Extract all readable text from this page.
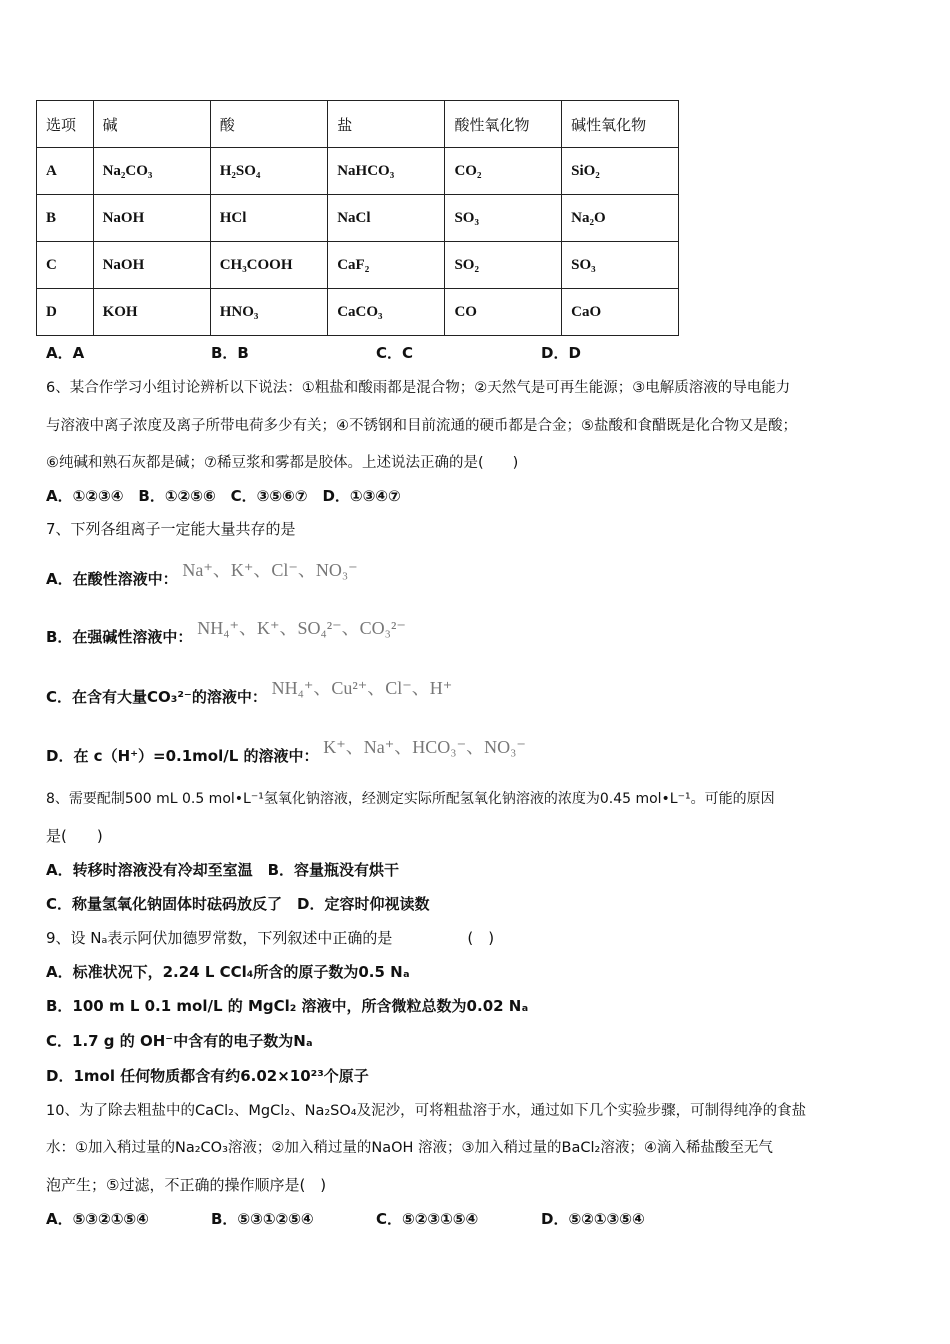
选项	碱	酸	盐	酸性氧化物	碱性氧化物
A	Na₂CO₃	H₂SO₄	NaHCO₃	CO₂	SiO₂
B	NaOH	HCl	NaCl	SO₃	Na₂O
C	NaOH	CH₃COOH	CaF₂	SO₂	SO₃
D	KOH	HNO₃	CaCO₃	CO	CaO
A．A	B．B	C．C	D．D
6、某合作学习小组讨论辨析以下说法：①粗盐和酸雨都是混合物；②天然气是可再生能源；③电解质溶液的导电能力
与溶液中离子浓度及离子所带电荷多少有关；④不锈钢和目前流通的硬币都是合金；⑤盐酸和食醋既是化合物又是酸；
⑥纯碱和熟石灰都是碱；⑦稀豆浆和雾都是胶体。上述说法正确的是(　　)
A．①②③④　B．①②⑤⑥　C．③⑤⑥⑦　D．①③④⑦
7、下列各组离子一定能大量共存的是
A．在酸性溶液中： Na⁺、K⁺、Cl⁻、NO₃⁻
B．在强碱性溶液中： NH₄⁺、K⁺、SO₄²⁻、CO₃²⁻
C．在含有大量CO₃²⁻的溶液中： NH₄⁺、Cu²⁺、Cl⁻、H⁺
D．在 c（H⁺）=0.1mol/L 的溶液中： K⁺、Na⁺、HCO₃⁻、NO₃⁻
8、需要配制500 mL 0.5 mol•L⁻¹氢氧化钠溶液，经测定实际所配氢氧化钠溶液的浓度为0.45 mol•L⁻¹。可能的原因
是(　　)
A．转移时溶液没有冷却至室温　B．容量瓶没有烘干
C．称量氢氧化钠固体时砝码放反了　D．定容时仰视读数
9、设 Nₐ表示阿伏加德罗常数，下列叙述中正确的是　　　　　(　)
A．标准状况下，2.24 L CCl₄所含的原子数为0.5 Nₐ
B．100 m L 0.1 mol/L 的 MgCl₂ 溶液中，所含微粒总数为0.02 Nₐ
C．1.7 g 的 OH⁻中含有的电子数为Nₐ
D．1mol 任何物质都含有约6.02×10²³个原子
10、为了除去粗盐中的CaCl₂、MgCl₂、Na₂SO₄及泥沙，可将粗盐溶于水，通过如下几个实验步骤，可制得纯净的食盐
水：①加入稍过量的Na₂CO₃溶液；②加入稍过量的NaOH 溶液；③加入稍过量的BaCl₂溶液；④滴入稀盐酸至无气
泡产生；⑤过滤，不正确的操作顺序是(　)
A．⑤③②①⑤④	B．⑤③①②⑤④	C．⑤②③①⑤④	D．⑤②①③⑤④
